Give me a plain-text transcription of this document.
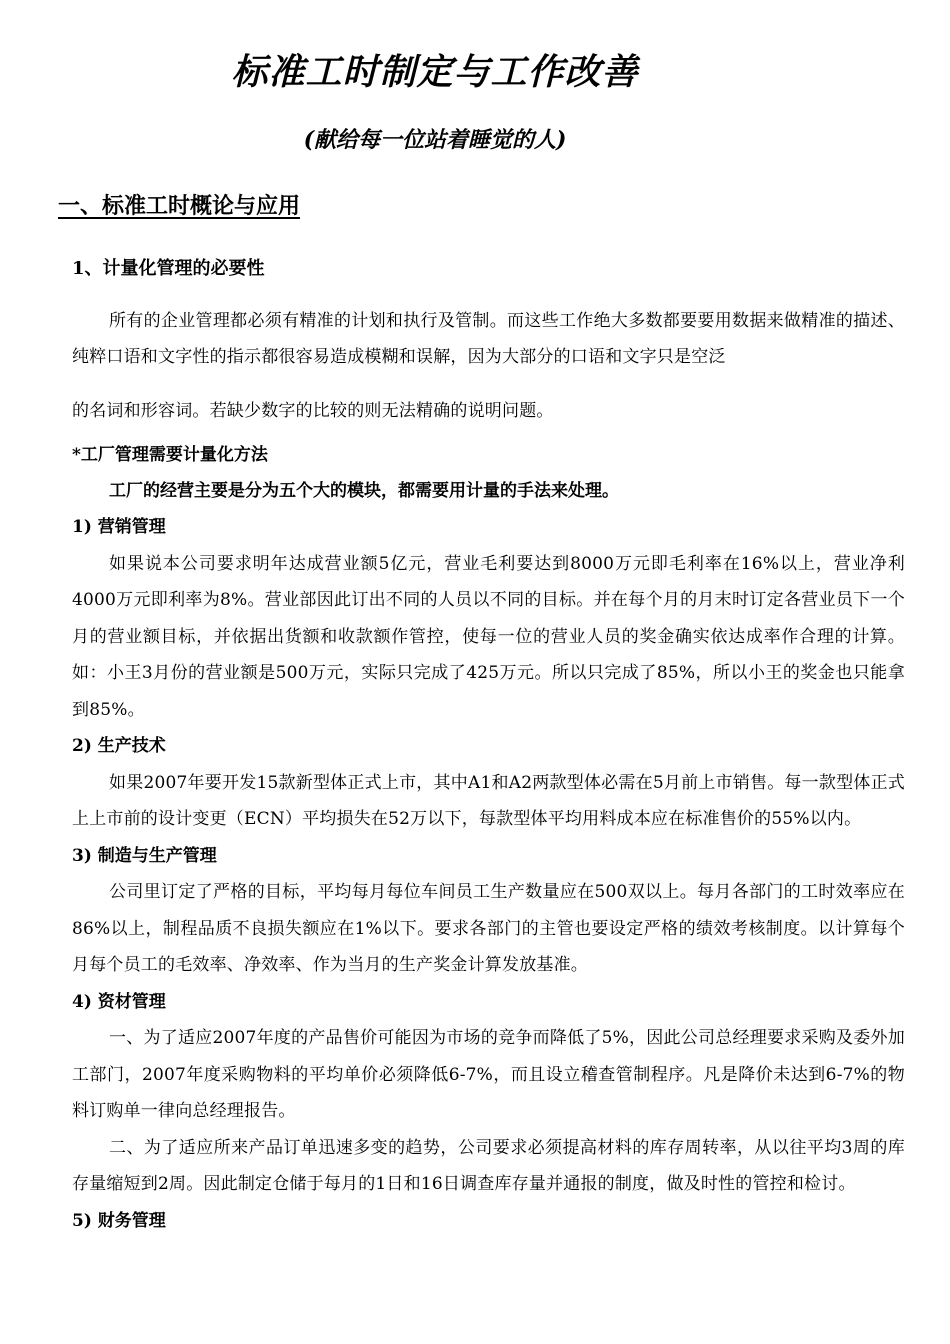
标准工时制定与工作改善
(献给每一位站着睡觉的人)
一、标准工时概论与应用
1、计量化管理的必要性

所有的企业管理都必须有精准的计划和执行及管制。而这些工作绝大多数都要要用数据来做精准的描述、纯粹口语和文字性的指示都很容易造成模糊和误解，因为大部分的口语和文字只是空泛

的名词和形容词。若缺少数字的比较的则无法精确的说明问题。

*工厂管理需要计量化方法

工厂的经营主要是分为五个大的模块，都需要用计量的手法来处理。

1) 营销管理

如果说本公司要求明年达成营业额5亿元，营业毛利要达到8000万元即毛利率在16%以上，营业净利4000万元即利率为8%。营业部因此订出不同的人员以不同的目标。并在每个月的月末时订定各营业员下一个月的营业额目标，并依据出货额和收款额作管控，使每一位的营业人员的奖金确实依达成率作合理的计算。如：小王3月份的营业额是500万元，实际只完成了425万元。所以只完成了85%，所以小王的奖金也只能拿到85%。

2) 生产技术

如果2007年要开发15款新型体正式上市，其中A1和A2两款型体必需在5月前上市销售。每一款型体正式上上市前的设计变更（ECN）平均损失在52万以下，每款型体平均用料成本应在标准售价的55%以内。

3) 制造与生产管理

公司里订定了严格的目标，平均每月每位车间员工生产数量应在500双以上。每月各部门的工时效率应在86%以上，制程品质不良损失额应在1%以下。要求各部门的主管也要设定严格的绩效考核制度。以计算每个月每个员工的毛效率、净效率、作为当月的生产奖金计算发放基准。

4) 资材管理

一、为了适应2007年度的产品售价可能因为市场的竞争而降低了5%，因此公司总经理要求采购及委外加工部门，2007年度采购物料的平均单价必须降低6-7%，而且设立稽查管制程序。凡是降价未达到6-7%的物料订购单一律向总经理报告。

二、为了适应所来产品订单迅速多变的趋势，公司要求必须提高材料的库存周转率，从以往平均3周的库存量缩短到2周。因此制定仓储于每月的1日和16日调查库存量并通报的制度，做及时性的管控和检讨。

5) 财务管理
